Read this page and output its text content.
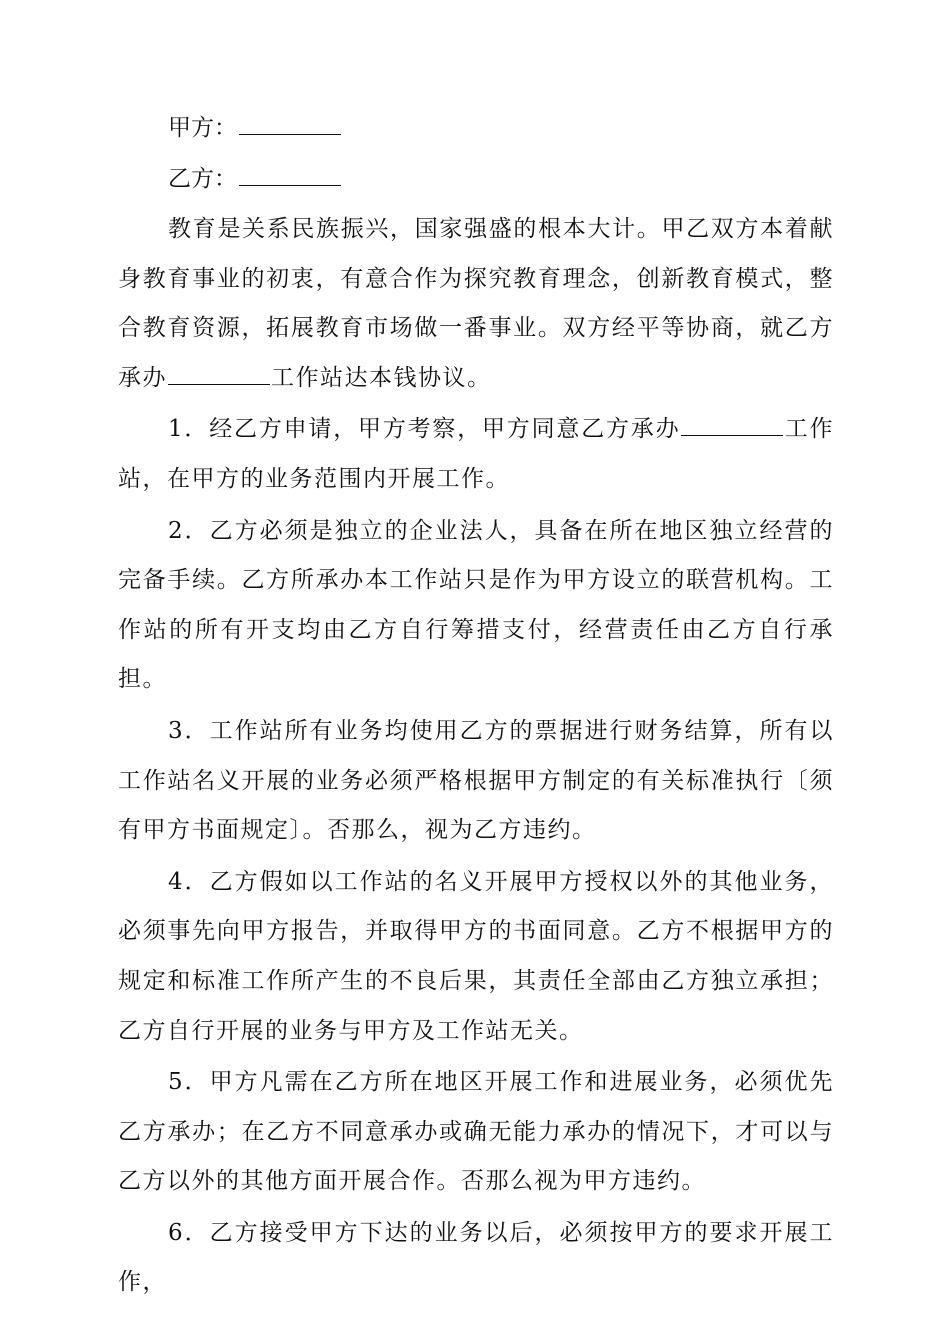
甲方：
乙方：

教育是关系民族振兴，国家强盛的根本大计。甲乙双方本着献身教育事业的初衷，有意合作为探究教育理念，创新教育模式，整合教育资源，拓展教育市场做一番事业。双方经平等协商，就乙方承办	工作站达本钱协议。

1．经乙方申请，甲方考察，甲方同意乙方承办	工作站，在甲方的业务范围内开展工作。

2．乙方必须是独立的企业法人，具备在所在地区独立经营的完备手续。乙方所承办本工作站只是作为甲方设立的联营机构。工作站的所有开支均由乙方自行筹措支付，经营责任由乙方自行承担。

3．工作站所有业务均使用乙方的票据进行财务结算，所有以工作站名义开展的业务必须严格根据甲方制定的有关标准执行〔须有甲方书面规定〕。否那么，视为乙方违约。

4．乙方假如以工作站的名义开展甲方授权以外的其他业务，必须事先向甲方报告，并取得甲方的书面同意。乙方不根据甲方的规定和标准工作所产生的不良后果，其责任全部由乙方独立承担；乙方自行开展的业务与甲方及工作站无关。

5．甲方凡需在乙方所在地区开展工作和进展业务，必须优先乙方承办；在乙方不同意承办或确无能力承办的情况下，才可以与乙方以外的其他方面开展合作。否那么视为甲方违约。

6．乙方接受甲方下达的业务以后，必须按甲方的要求开展工作，
